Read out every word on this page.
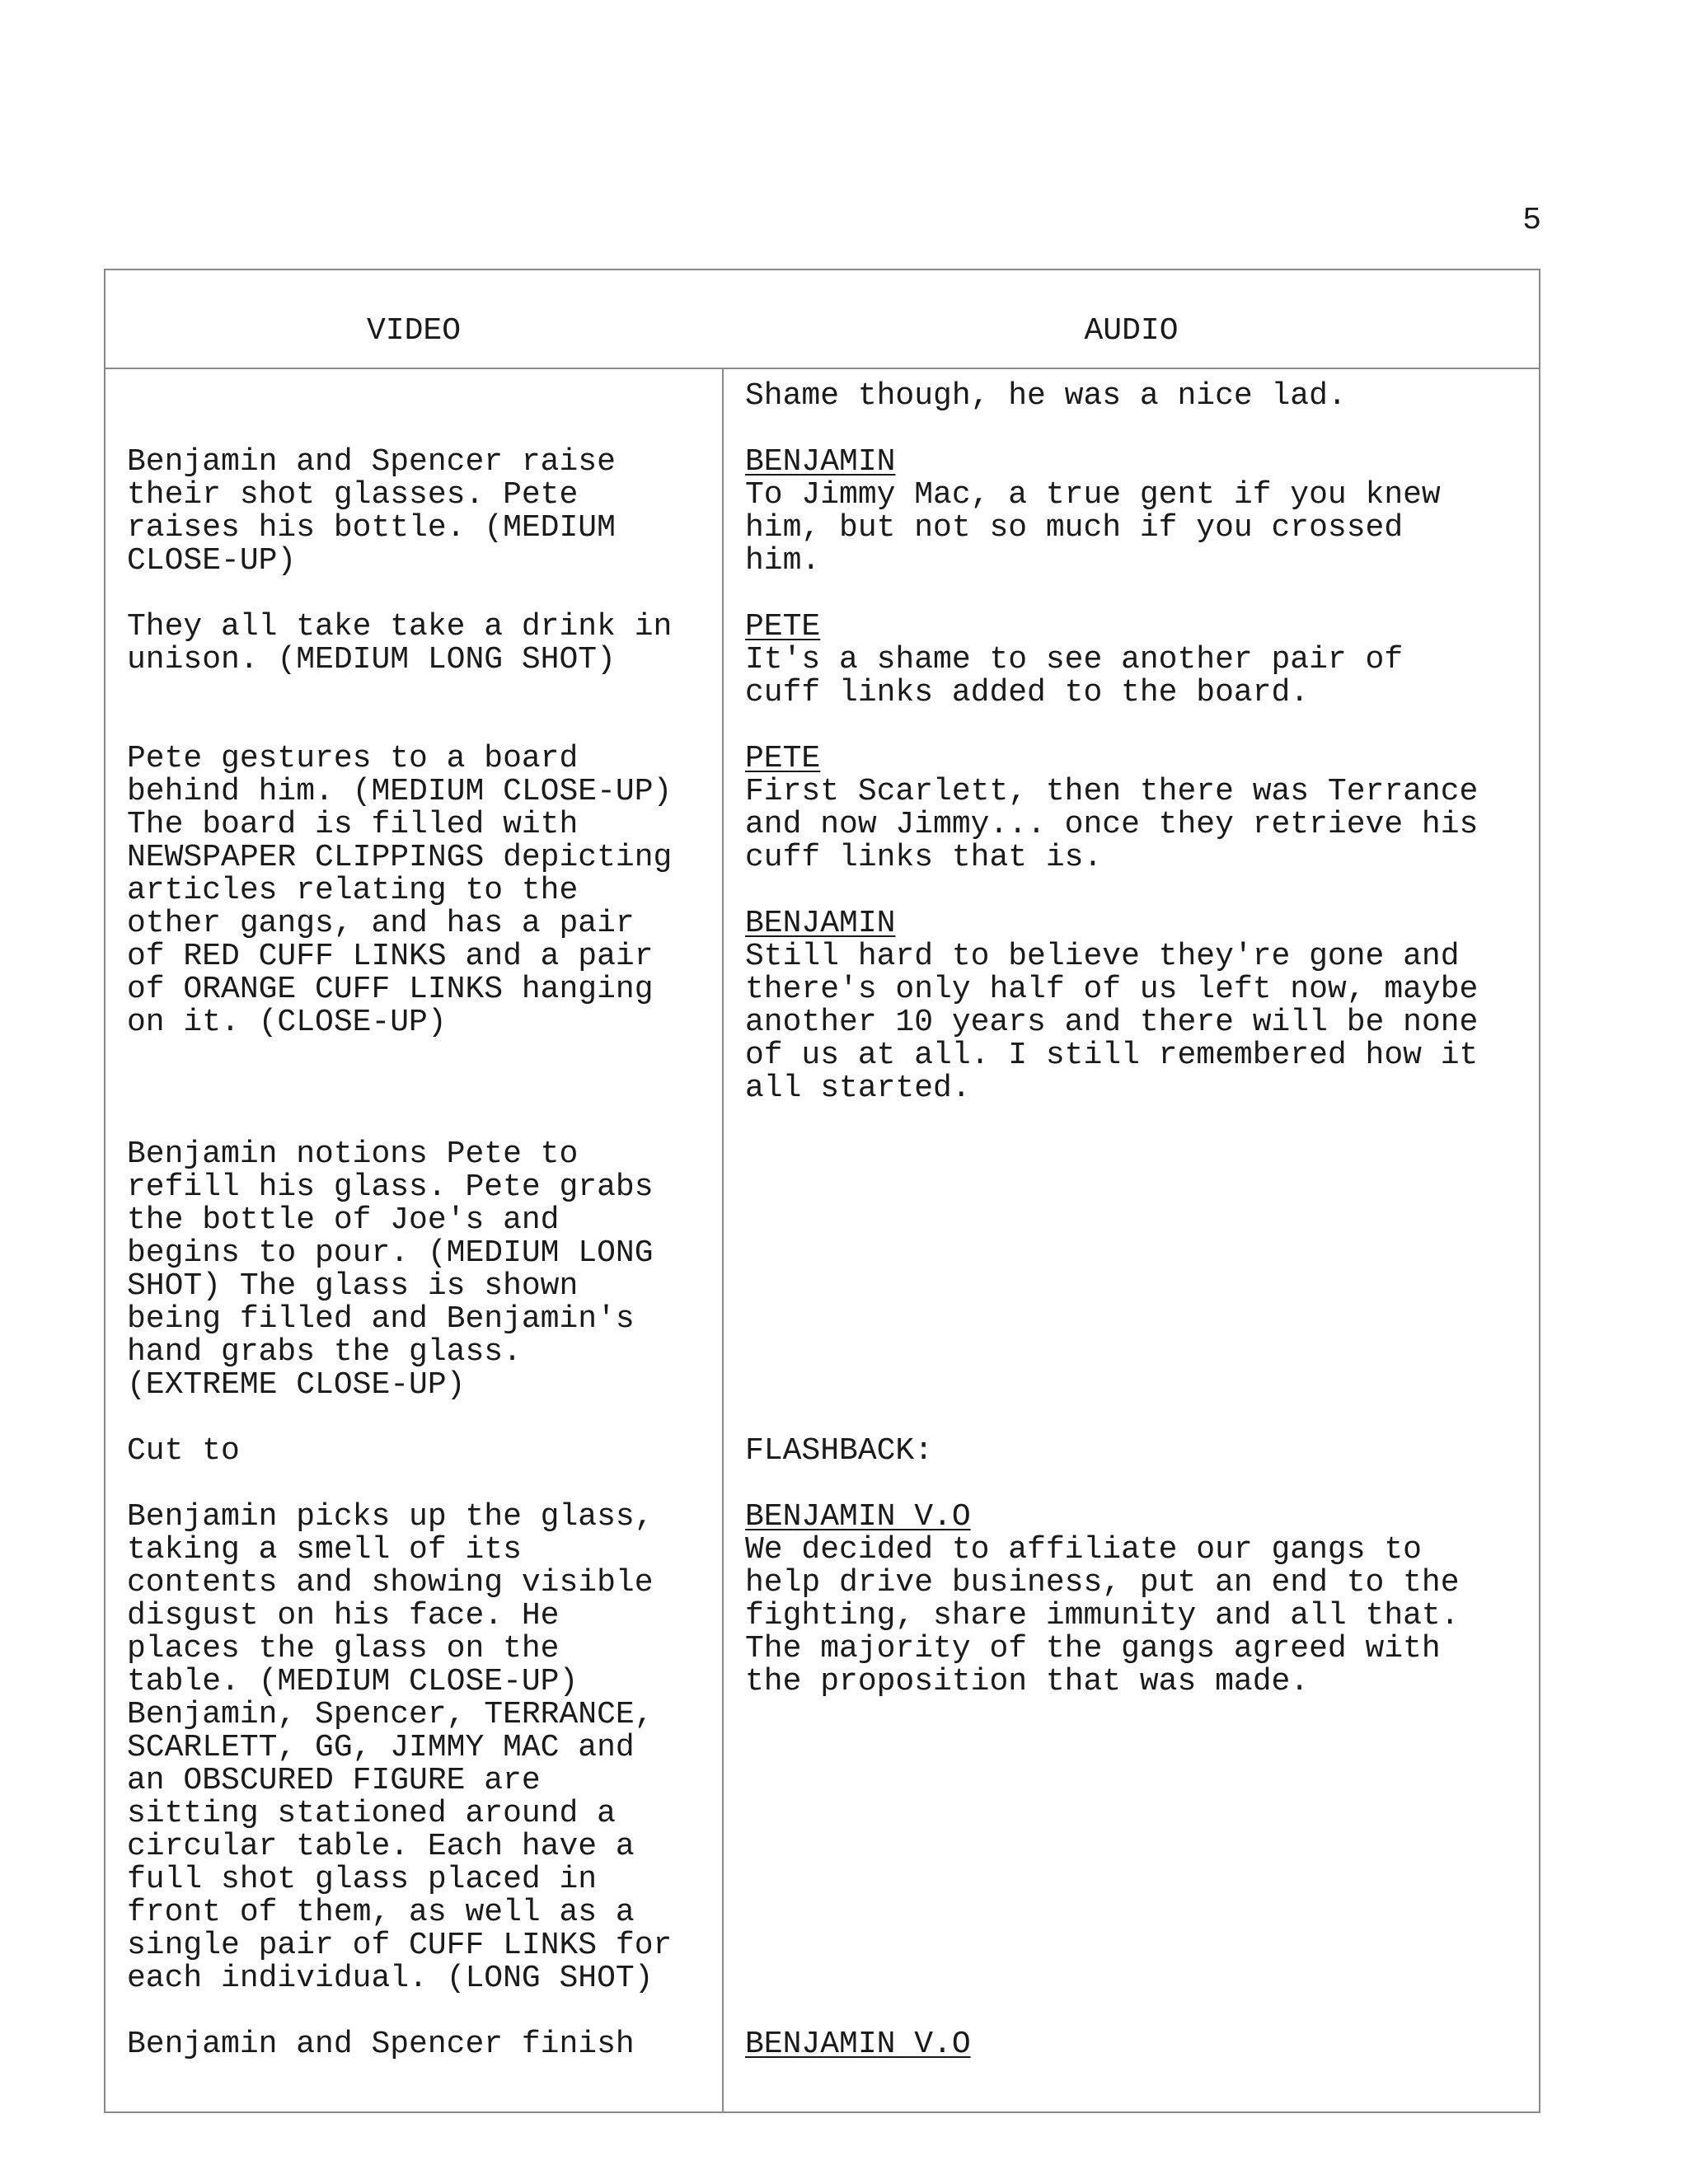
5
VIDEO	AUDIO

Benjamin and Spencer raise
their shot glasses. Pete
raises his bottle. (MEDIUM
CLOSE-UP)

They all take take a drink in
unison. (MEDIUM LONG SHOT)

Pete gestures to a board
behind him. (MEDIUM CLOSE-UP)
The board is filled with
NEWSPAPER CLIPPINGS depicting
articles relating to the
other gangs, and has a pair
of RED CUFF LINKS and a pair
of ORANGE CUFF LINKS hanging
on it. (CLOSE-UP)

Benjamin notions Pete to
refill his glass. Pete grabs
the bottle of Joe's and
begins to pour. (MEDIUM LONG
SHOT) The glass is shown
being filled and Benjamin's
hand grabs the glass.
(EXTREME CLOSE-UP)

Cut to

Benjamin picks up the glass,
taking a smell of its
contents and showing visible
disgust on his face. He
places the glass on the
table. (MEDIUM CLOSE-UP)
Benjamin, Spencer, TERRANCE,
SCARLETT, GG, JIMMY MAC and
an OBSCURED FIGURE are
sitting stationed around a
circular table. Each have a
full shot glass placed in
front of them, as well as a
single pair of CUFF LINKS for
each individual. (LONG SHOT)

Benjamin and Spencer finish

Shame though, he was a nice lad.

BENJAMIN
To Jimmy Mac, a true gent if you knew
him, but not so much if you crossed
him.
PETE
It's a shame to see another pair of
cuff links added to the board.
PETE
First Scarlett, then there was Terrance
and now Jimmy... once they retrieve his
cuff links that is.
BENJAMIN
Still hard to believe they're gone and
there's only half of us left now, maybe
another 10 years and there will be none
of us at all. I still remembered how it
all started.

FLASHBACK:

BENJAMIN V.O
We decided to affiliate our gangs to
help drive business, put an end to the
fighting, share immunity and all that.
The majority of the gangs agreed with
the proposition that was made.
BENJAMIN V.O
